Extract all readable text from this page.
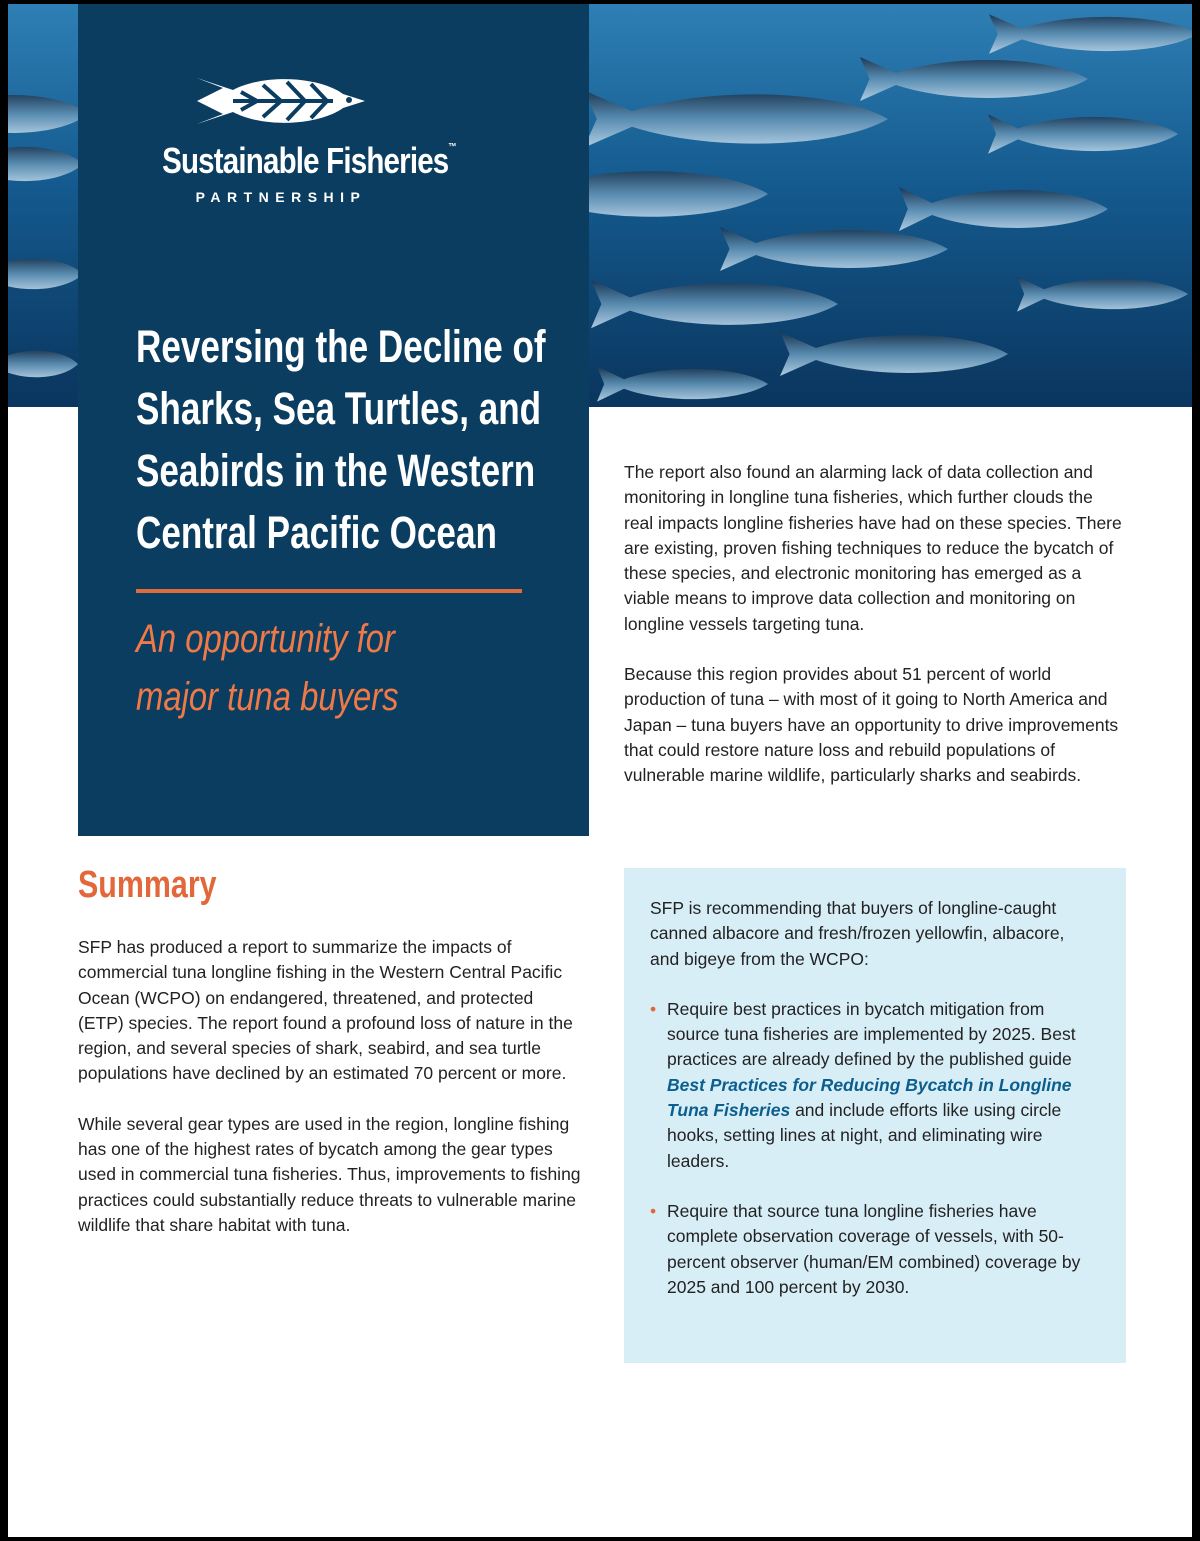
Sustainable Fisheries™
PARTNERSHIP
Reversing the Decline of
Sharks, Sea Turtles, and
Seabirds in the Western
Central Pacific Ocean
An opportunity for
major tuna buyers
Summary

SFP has produced a report to summarize the impacts of commercial tuna longline fishing in the Western Central Pacific Ocean (WCPO) on endangered, threatened, and protected (ETP) species. The report found a profound loss of nature in the region, and several species of shark, seabird, and sea turtle populations have declined by an estimated 70 percent or more.

While several gear types are used in the region, longline fishing has one of the highest rates of bycatch among the gear types used in commercial tuna fisheries. Thus, improvements to fishing practices could substantially reduce threats to vulnerable marine wildlife that share habitat with tuna.

The report also found an alarming lack of data collection and monitoring in longline tuna fisheries, which further clouds the real impacts longline fisheries have had on these species. There are existing, proven fishing techniques to reduce the bycatch of these species, and electronic monitoring has emerged as a viable means to improve data collection and monitoring on longline vessels targeting tuna.

Because this region provides about 51 percent of world production of tuna – with most of it going to North America and Japan – tuna buyers have an opportunity to drive improvements that could restore nature loss and rebuild populations of vulnerable marine wildlife, particularly sharks and seabirds.

SFP is recommending that buyers of longline-caught canned albacore and fresh/frozen yellowfin, albacore, and bigeye from the WCPO:

• Require best practices in bycatch mitigation from source tuna fisheries are implemented by 2025. Best practices are already defined by the published guide Best Practices for Reducing Bycatch in Longline Tuna Fisheries and include efforts like using circle hooks, setting lines at night, and eliminating wire leaders.
• Require that source tuna longline fisheries have complete observation coverage of vessels, with 50-percent observer (human/EM combined) coverage by 2025 and 100 percent by 2030.
